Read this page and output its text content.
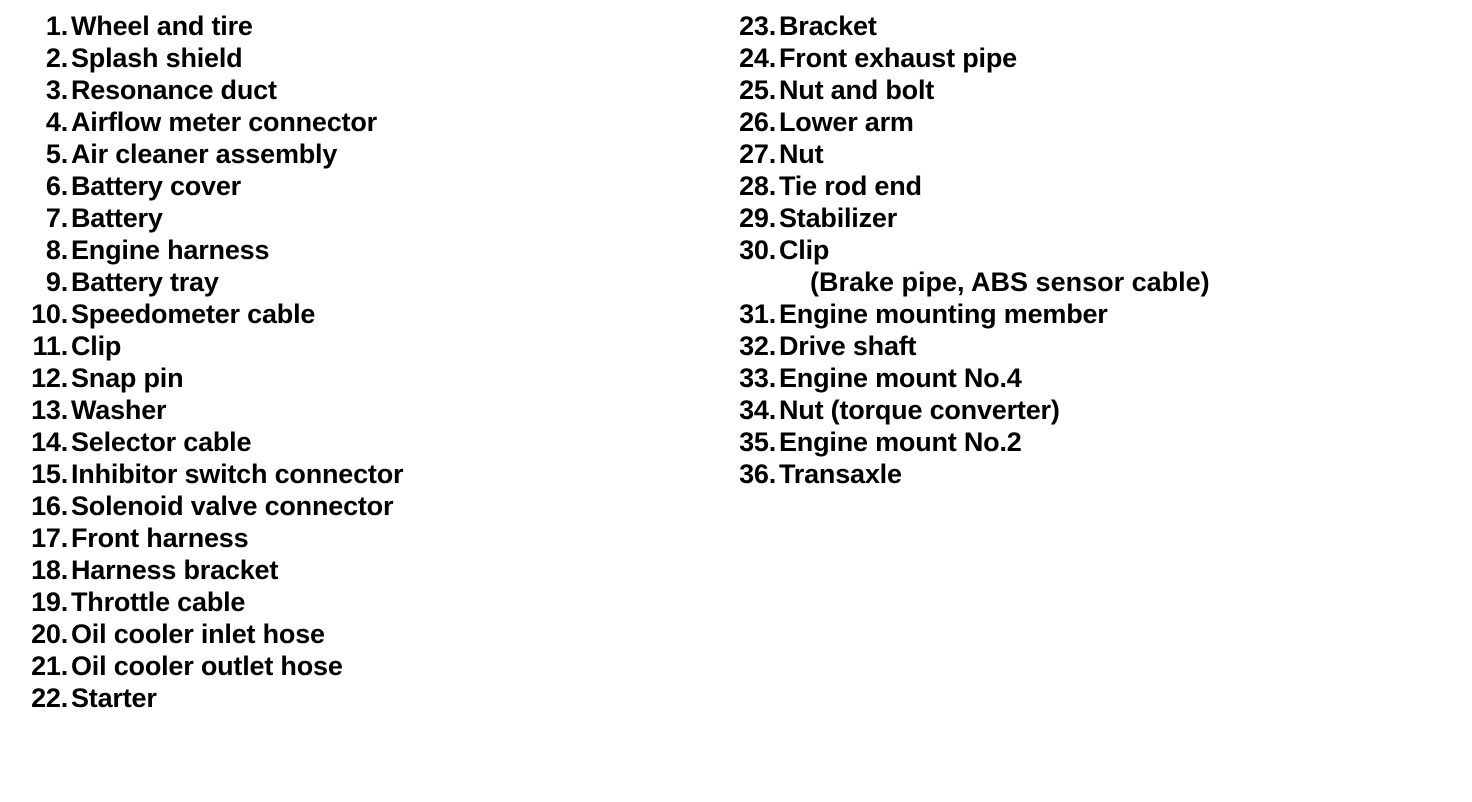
1. Wheel and tire
2. Splash shield
3. Resonance duct
4. Airflow meter connector
5. Air cleaner assembly
6. Battery cover
7. Battery
8. Engine harness
9. Battery tray
10. Speedometer cable
11. Clip
12. Snap pin
13. Washer
14. Selector cable
15. Inhibitor switch connector
16. Solenoid valve connector
17. Front harness
18. Harness bracket
19. Throttle cable
20. Oil cooler inlet hose
21. Oil cooler outlet hose
22. Starter
23. Bracket
24. Front exhaust pipe
25. Nut and bolt
26. Lower arm
27. Nut
28. Tie rod end
29. Stabilizer
30. Clip
(Brake pipe, ABS sensor cable)
31. Engine mounting member
32. Drive shaft
33. Engine mount No.4
34. Nut (torque converter)
35. Engine mount No.2
36. Transaxle
